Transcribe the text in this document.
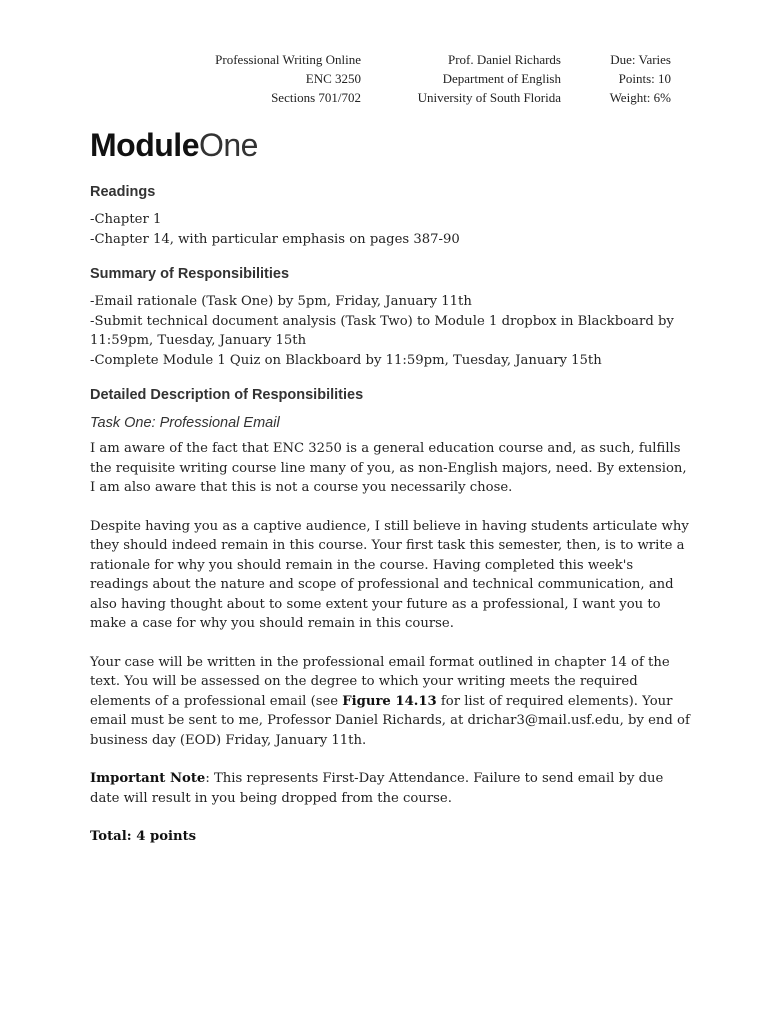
Professional Writing Online
ENC 3250
Sections 701/702
Prof. Daniel Richards
Department of English
University of South Florida
Due: Varies
Points: 10
Weight: 6%
ModuleOne
Readings
-Chapter 1
-Chapter 14, with particular emphasis on pages 387-90
Summary of Responsibilities
-Email rationale (Task One) by 5pm, Friday, January 11th
-Submit technical document analysis (Task Two) to Module 1 dropbox in Blackboard by 11:59pm, Tuesday, January 15th
-Complete Module 1 Quiz on Blackboard by 11:59pm, Tuesday, January 15th
Detailed Description of Responsibilities
Task One: Professional Email
I am aware of the fact that ENC 3250 is a general education course and, as such, fulfills the requisite writing course line many of you, as non-English majors, need. By extension, I am also aware that this is not a course you necessarily chose.
Despite having you as a captive audience, I still believe in having students articulate why they should indeed remain in this course. Your first task this semester, then, is to write a rationale for why you should remain in the course. Having completed this week's readings about the nature and scope of professional and technical communication, and also having thought about to some extent your future as a professional, I want you to make a case for why you should remain in this course.
Your case will be written in the professional email format outlined in chapter 14 of the text. You will be assessed on the degree to which your writing meets the required elements of a professional email (see Figure 14.13 for list of required elements). Your email must be sent to me, Professor Daniel Richards, at drichar3@mail.usf.edu, by end of business day (EOD) Friday, January 11th.
Important Note: This represents First-Day Attendance. Failure to send email by due date will result in you being dropped from the course.
Total: 4 points
